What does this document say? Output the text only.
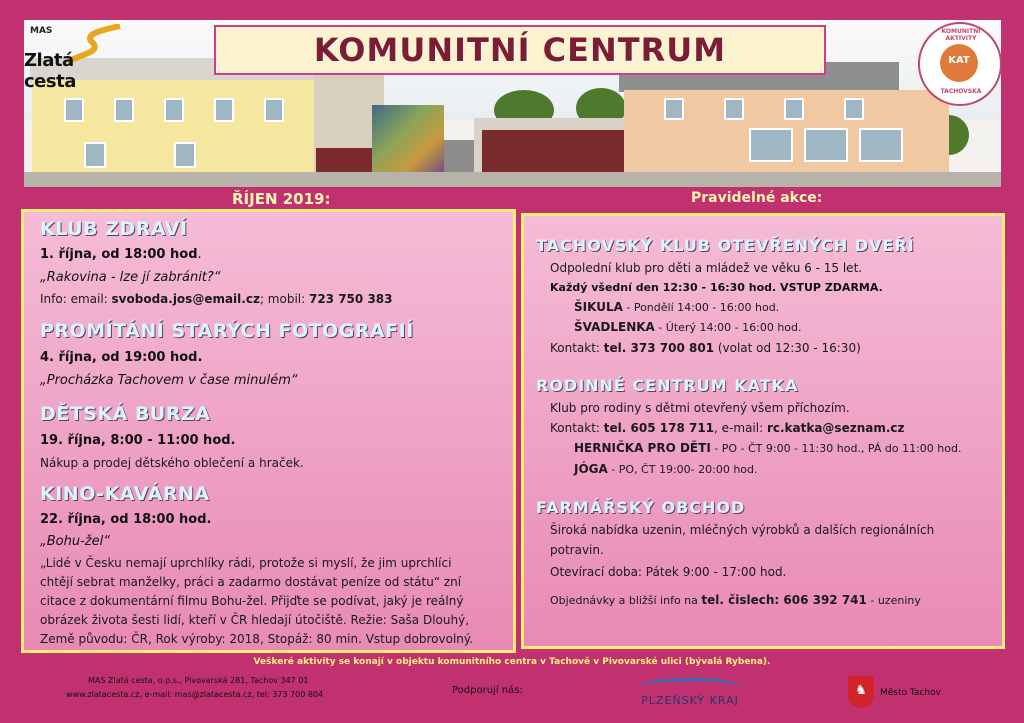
MAS
Zlatá cesta
KOMUNITNÍ CENTRUM	KOMUNITNÍ AKTIVITY
KAT
TACHOVSKA
ŘÍJEN 2019:	Pravidelné akce:
KLUB ZDRAVÍ
1. října, od 18:00 hod.
„Rakovina - lze jí zabránit?“
Info: email: svoboda.jos@email.cz; mobil: 723 750 383
PROMÍTÁNÍ STARÝCH FOTOGRAFIÍ
4. října, od 19:00 hod.
„Procházka Tachovem v čase minulém“
DĚTSKÁ BURZA
19. října, 8:00 - 11:00 hod.
Nákup a prodej dětského oblečení a hraček.
KINO-KAVÁRNA
22. října, od 18:00 hod.
„Bohu-žel“
„Lidé v Česku nemají uprchlíky rádi, protože si myslí, že jim uprchlíci
chtějí sebrat manželky, práci a zadarmo dostávat peníze od státu“ zní
citace z dokumentární filmu Bohu-žel. Přijďte se podívat, jaký je reálný
obrázek života šesti lidí, kteří v ČR hledají útočiště. Režie: Saša Dlouhý,
Země původu: ČR, Rok výroby: 2018, Stopáž: 80 min. Vstup dobrovolný.
TACHOVSKÝ KLUB OTEVŘENÝCH DVEŘÍ
Odpolední klub pro děti a mládež ve věku 6 - 15 let.
Každý všední den 12:30 - 16:30 hod. VSTUP ZDARMA.
ŠIKULA - Pondělí 14:00 - 16:00 hod.
ŠVADLENKA - Úterý 14:00 - 16:00 hod.
Kontakt: tel. 373 700 801 (volat od 12:30 - 16:30)
RODINNÉ CENTRUM KATKA
Klub pro rodiny s dětmi otevřený všem příchozím.
Kontakt: tel. 605 178 711, e-mail: rc.katka@seznam.cz
HERNIČKA PRO DĚTI - PO - ČT 9:00 - 11:30 hod., PÁ do 11:00 hod.
JÓGA - PO, ČT 19:00- 20:00 hod.
FARMÁŘSKÝ OBCHOD
Široká nabídka uzenin, mléčných výrobků a dalších regionálních
potravin.
Otevírací doba: Pátek 9:00 - 17:00 hod.
Objednávky a bližší info na tel. čislech: 606 392 741 - uzeniny
Veškeré aktivity se konají v objektu komunitního centra v Tachově v Pivovarské ulici (bývalá Rybena).
MAS Zlatá cesta, o.p.s., Pivovarská 281, Tachov 347 01
www.zlatacesta.cz, e-mail: mas@zlatacesta.cz, tel: 373 700 804	Podporují nás:
PLZEŇSKÝ KRAJ
♞ Město Tachov
